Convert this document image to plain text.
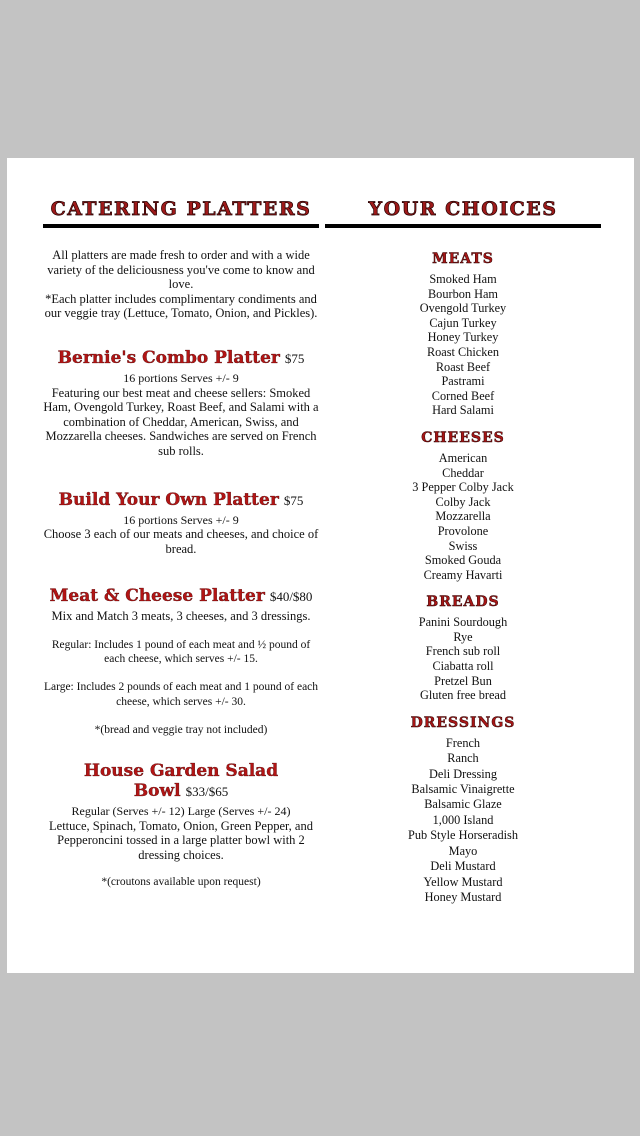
CATERING PLATTERS

All platters are made fresh to order and with a wide variety of the deliciousness you've come to know and love.

*Each platter includes complimentary condiments and our veggie tray (Lettuce, Tomato, Onion, and Pickles).

Bernie's Combo Platter $75
16 portions Serves +/- 9
Featuring our best meat and cheese sellers: Smoked Ham, Ovengold Turkey, Roast Beef, and Salami with a combination of Cheddar, American, Swiss, and Mozzarella cheeses. Sandwiches are served on French sub rolls.
Build Your Own Platter $75
16 portions Serves +/- 9
Choose 3 each of our meats and cheeses, and choice of bread.
Meat & Cheese Platter $40/$80
Mix and Match 3 meats, 3 cheeses, and 3 dressings.
Regular: Includes 1 pound of each meat and ½ pound of each cheese, which serves +/- 15.
Large: Includes 2 pounds of each meat and 1 pound of each cheese, which serves +/- 30.
*(bread and veggie tray not included)
House Garden Salad Bowl $33/$65
Regular (Serves +/- 12) Large (Serves +/- 24)
Lettuce, Spinach, Tomato, Onion, Green Pepper, and Pepperoncini tossed in a large platter bowl with 2 dressing choices.
*(croutons available upon request)
YOUR CHOICES
MEATS
Smoked Ham
Bourbon Ham
Ovengold Turkey
Cajun Turkey
Honey Turkey
Roast Chicken
Roast Beef
Pastrami
Corned Beef
Hard Salami
CHEESES
American
Cheddar
3 Pepper Colby Jack
Colby Jack
Mozzarella
Provolone
Swiss
Smoked Gouda
Creamy Havarti
BREADS
Panini Sourdough
Rye
French sub roll
Ciabatta roll
Pretzel Bun
Gluten free bread
DRESSINGS
French
Ranch
Deli Dressing
Balsamic Vinaigrette
Balsamic Glaze
1,000 Island
Pub Style Horseradish
Mayo
Deli Mustard
Yellow Mustard
Honey Mustard
